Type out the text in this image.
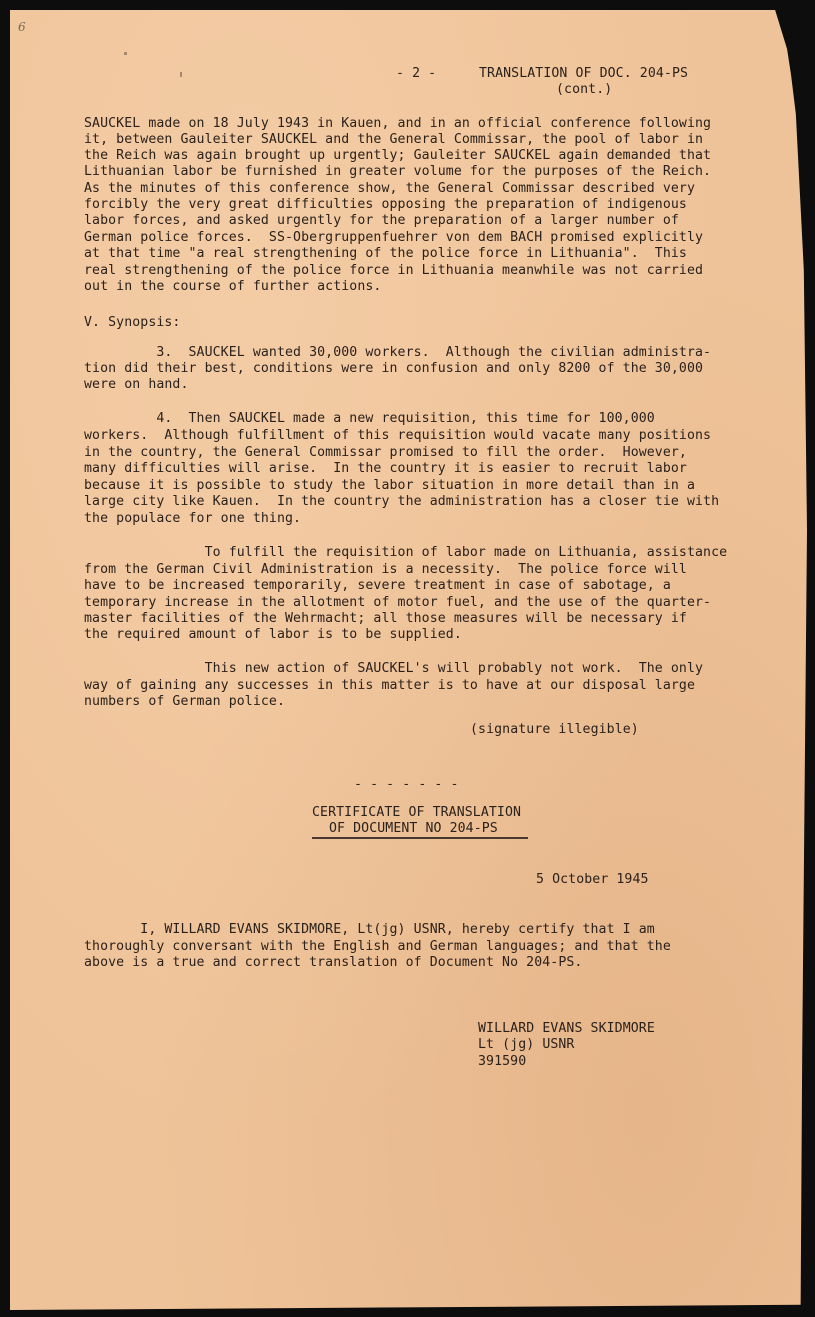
6
- 2 -	TRANSLATION OF DOC. 204-PS
(cont.)
SAUCKEL made on 18 July 1943 in Kauen, and in an official conference following
it, between Gauleiter SAUCKEL and the General Commissar, the pool of labor in
the Reich was again brought up urgently; Gauleiter SAUCKEL again demanded that
Lithuanian labor be furnished in greater volume for the purposes of the Reich.
As the minutes of this conference show, the General Commissar described very
forcibly the very great difficulties opposing the preparation of indigenous
labor forces, and asked urgently for the preparation of a larger number of
German police forces.  SS-Obergruppenfuehrer von dem BACH promised explicitly
at that time "a real strengthening of the police force in Lithuania".  This
real strengthening of the police force in Lithuania meanwhile was not carried
out in the course of further actions.
V. Synopsis:
3.  SAUCKEL wanted 30,000 workers.  Although the civilian administra-
tion did their best, conditions were in confusion and only 8200 of the 30,000
were on hand.
4.  Then SAUCKEL made a new requisition, this time for 100,000
workers.  Although fulfillment of this requisition would vacate many positions
in the country, the General Commissar promised to fill the order.  However,
many difficulties will arise.  In the country it is easier to recruit labor
because it is possible to study the labor situation in more detail than in a
large city like Kauen.  In the country the administration has a closer tie with
the populace for one thing.
To fulfill the requisition of labor made on Lithuania, assistance
from the German Civil Administration is a necessity.  The police force will
have to be increased temporarily, severe treatment in case of sabotage, a
temporary increase in the allotment of motor fuel, and the use of the quarter-
master facilities of the Wehrmacht; all those measures will be necessary if
the required amount of labor is to be supplied.
This new action of SAUCKEL's will probably not work.  The only
way of gaining any successes in this matter is to have at our disposal large
numbers of German police.
(signature illegible)
- - - - - - -
CERTIFICATE OF TRANSLATION
OF DOCUMENT NO 204-PS
5 October 1945
I, WILLARD EVANS SKIDMORE, Lt(jg) USNR, hereby certify that I am
thoroughly conversant with the English and German languages; and that the
above is a true and correct translation of Document No 204-PS.
WILLARD EVANS SKIDMORE
Lt (jg) USNR
391590
